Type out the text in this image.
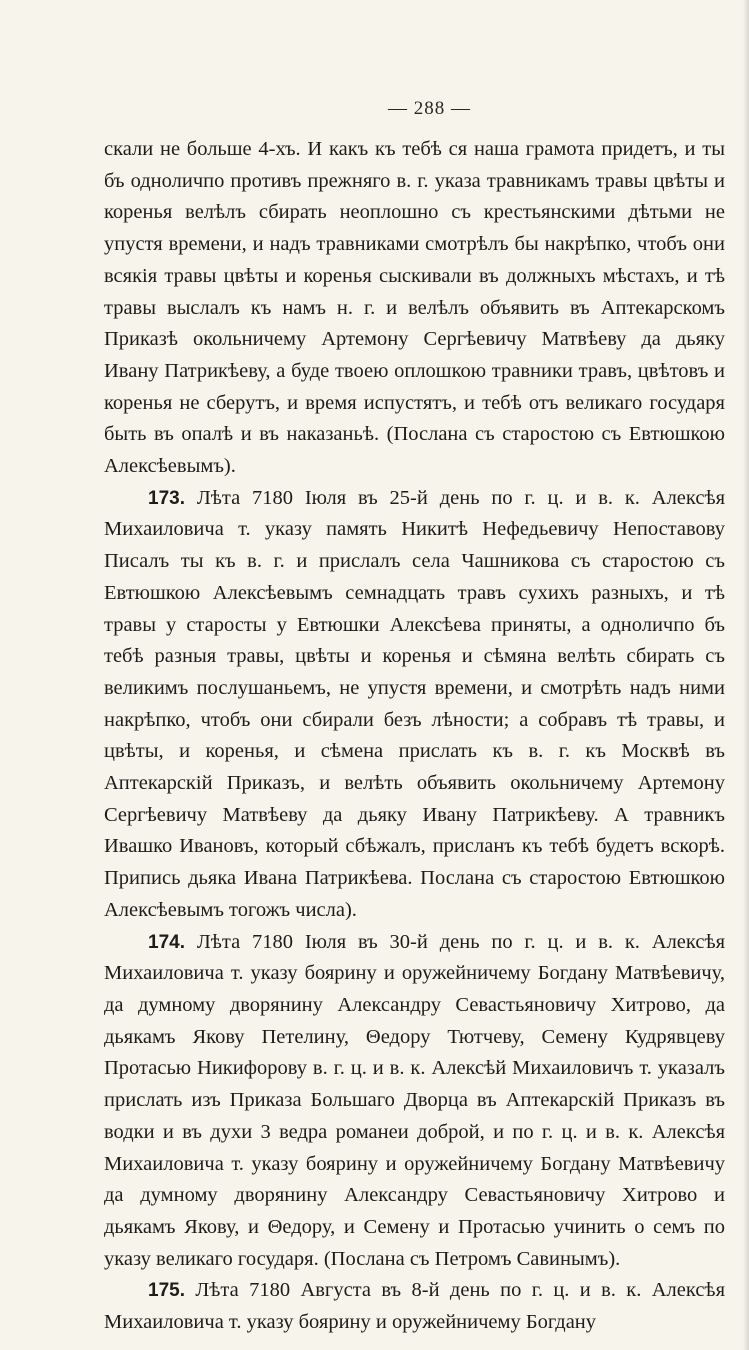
— 288 —

скали не больше 4-хъ. И какъ къ тебѣ ся наша грамота придетъ, и ты бъ одноличпо противъ прежняго в. г. указа травникамъ травы цвѣты и коренья велѣлъ сбирать неоплошно съ крестьянскими дѣтьми не упустя времени, и надъ травниками смотрѣлъ бы накрѣпко, чтобъ они всякія травы цвѣты и коренья сыскивали въ должныхъ мѣстахъ, и тѣ травы выслалъ къ намъ н. г. и велѣлъ объявить въ Аптекарскомъ Приказѣ окольничему Артемону Сергѣевичу Матвѣеву да дьяку Ивану Патрикѣеву, а буде твоею оплошкою травники травъ, цвѣтовъ и коренья не сберутъ, и время испустятъ, и тебѣ отъ великаго государя быть въ опалѣ и въ наказаньѣ. (Послана съ старостою съ Евтюшкою Алексѣевымъ).

173. Лѣта 7180 Іюля въ 25-й день по г. ц. и в. к. Алексѣя Михаиловича т. указу память Никитѣ Нефедьевичу Непоставову Писалъ ты къ в. г. и прислалъ села Чашникова съ старостою съ Евтюшкою Алексѣевымъ семнадцать травъ сухихъ разныхъ, и тѣ травы у старосты у Евтюшки Алексѣева приняты, а одноличпо бъ тебѣ разныя травы, цвѣты и коренья и сѣмяна велѣть сбирать съ великимъ послушаньемъ, не упустя времени, и смотрѣть надъ ними накрѣпко, чтобъ они сбирали безъ лѣности; а собравъ тѣ травы, и цвѣты, и коренья, и сѣмена прислать къ в. г. къ Москвѣ въ Аптекарскій Приказъ, и велѣть объявить окольничему Артемону Сергѣевичу Матвѣеву да дьяку Ивану Патрикѣеву. А травникъ Ивашко Ивановъ, который сбѣжалъ, присланъ къ тебѣ будетъ вскорѣ. Припись дьяка Ивана Патрикѣева. Послана съ старостою Евтюшкою Алексѣевымъ тогожъ числа).

174. Лѣта 7180 Іюля въ 30-й день по г. ц. и в. к. Алексѣя Михаиловича т. указу боярину и оружейничему Богдану Матвѣевичу, да думному дворянину Александру Севастьяновичу Хитрово, да дьякамъ Якову Петелину, Θедору Тютчеву, Семену Кудрявцеву Протасью Никифорову в. г. ц. и в. к. Алексѣй Михаиловичъ т. указалъ прислать изъ Приказа Большаго Дворца въ Аптекарскій Приказъ въ водки и въ духи 3 ведра романеи доброй, и по г. ц. и в. к. Алексѣя Михаиловича т. указу боярину и оружейничему Богдану Матвѣевичу да думному дворянину Александру Севастьяновичу Хитрово и дьякамъ Якову, и Θедору, и Семену и Протасью учинить о семъ по указу великаго государя. (Послана съ Петромъ Савинымъ).

175. Лѣта 7180 Августа въ 8-й день по г. ц. и в. к. Алексѣя Михаиловича т. указу боярину и оружейничему Богдану
